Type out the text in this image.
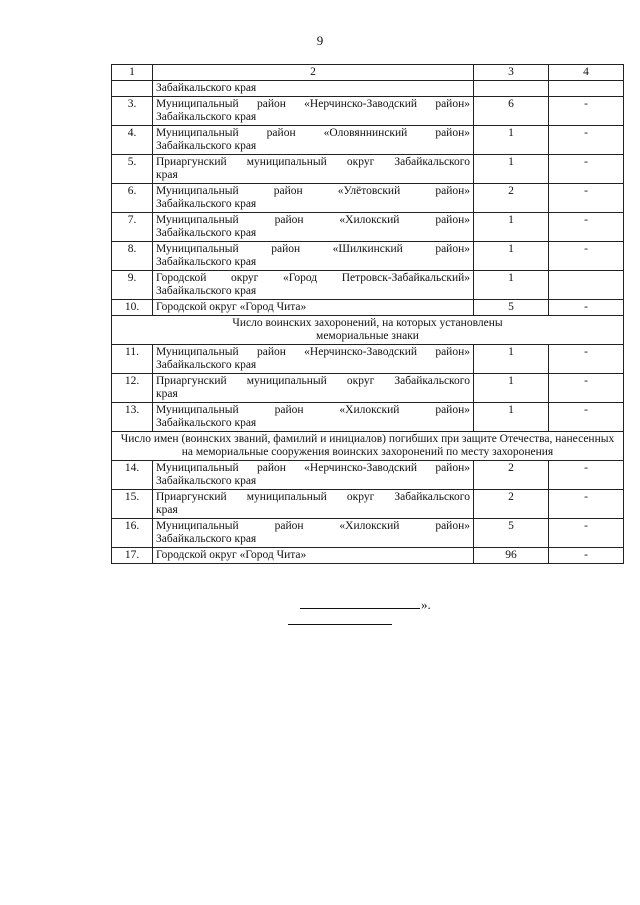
9
1	2	3	4
	Забайкальского края		
3.	Муниципальный район «Нерчинско-Заводский район»
Забайкальского края	6	-
4.	Муниципальный район «Оловяннинский район»
Забайкальского края	1	-
5.	Приаргунский муниципальный округ Забайкальского
края	1	-
6.	Муниципальный район «Улётовский район»
Забайкальского края	2	-
7.	Муниципальный район «Хилокский район»
Забайкальского края	1	-
8.	Муниципальный район «Шилкинский район»
Забайкальского края	1	-
9.	Городской округ «Город Петровск-Забайкальский»
Забайкальского края	1	
10.	Городской округ «Город Чита»	5	-
Число воинских захоронений, на которых установлены мемориальные знаки			
11.	Муниципальный район «Нерчинско-Заводский район»
Забайкальского края	1	-
12.	Приаргунский муниципальный округ Забайкальского
края	1	-
13.	Муниципальный район «Хилокский район»
Забайкальского края	1	-
Число имен (воинских званий, фамилий и инициалов) погибших при защите Отечества, нанесенных на мемориальные сооружения воинских захоронений по месту захоронения			
14.	Муниципальный район «Нерчинско-Заводский район»
Забайкальского края	2	-
15.	Приаргунский муниципальный округ Забайкальского
края	2	-
16.	Муниципальный район «Хилокский район»
Забайкальского края	5	-
17.	Городской округ «Город Чита»	96	-
».
